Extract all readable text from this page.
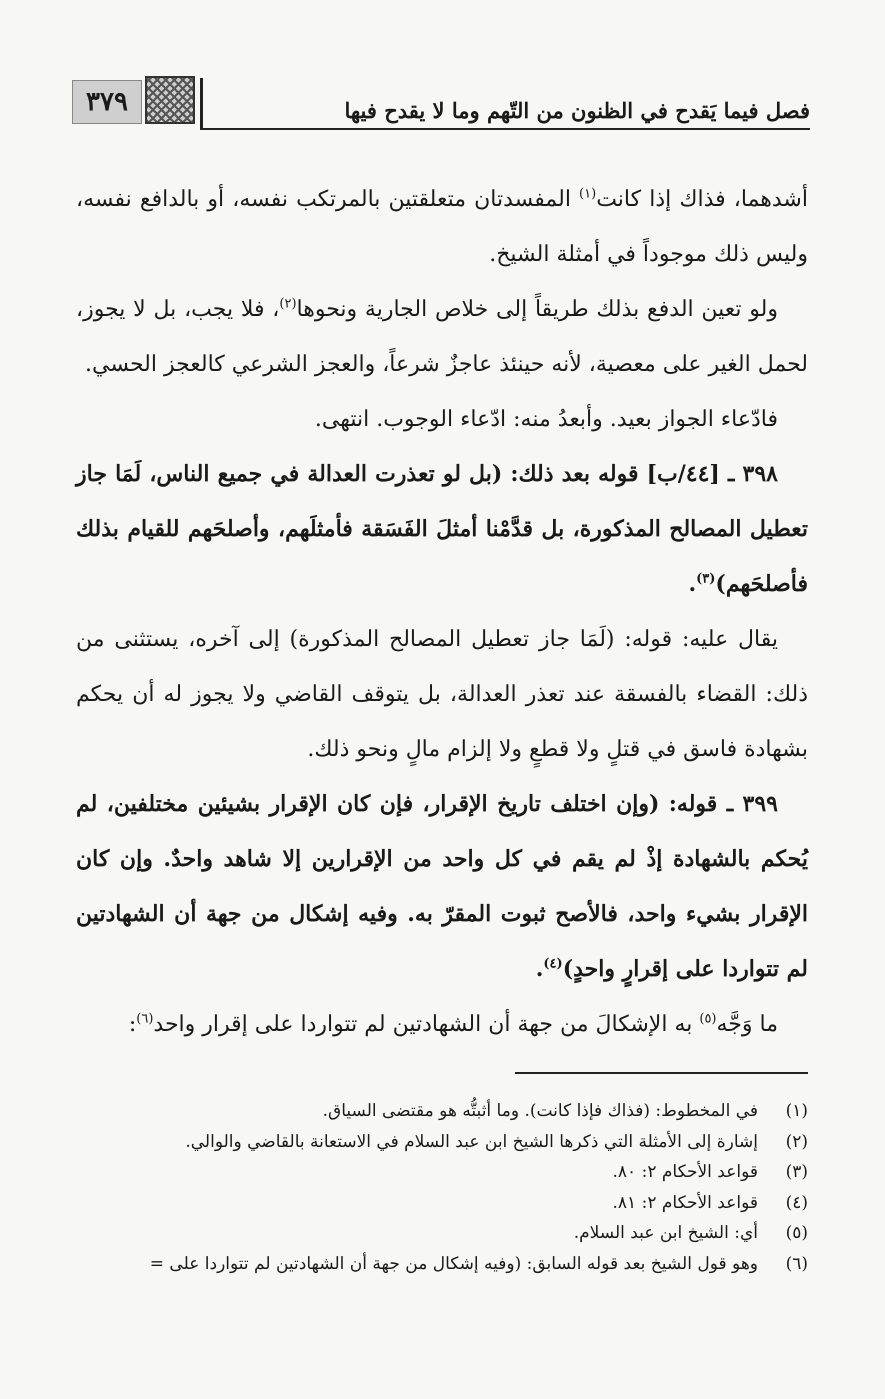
فصل فيما يَقدح في الظنون من التّهم وما لا يقدح فيها
٣٧٩

أشدهما، فذاك إذا كانت$^{(١)}$ المفسدتان متعلقتين بالمرتكب نفسه، أو بالدافع نفسه، وليس ذلك موجوداً في أمثلة الشيخ.

ولو تعين الدفع بذلك طريقاً إلى خلاص الجارية ونحوها$^{(٢)}$، فلا يجب، بل لا يجوز، لحمل الغير على معصية، لأنه حينئذ عاجزٌ شرعاً، والعجز الشرعي كالعجز الحسي.

فادّعاء الجواز بعيد. وأبعدُ منه: ادّعاء الوجوب. انتهى.

٣٩٨ ـ [٤٤/ب] قوله بعد ذلك: (بل لو تعذرت العدالة في جميع الناس، لَمَا جاز تعطيل المصالح المذكورة، بل قدَّمْنا أمثلَ الفَسَقة فأمثلَهم، وأصلحَهم للقيام بذلك فأصلحَهم)$^{(٣)}$.

يقال عليه: قوله: (لَمَا جاز تعطيل المصالح المذكورة) إلى آخره، يستثنى من ذلك: القضاء بالفسقة عند تعذر العدالة، بل يتوقف القاضي ولا يجوز له أن يحكم بشهادة فاسق في قتلٍ ولا قطعٍ ولا إلزام مالٍ ونحو ذلك.

٣٩٩ ـ قوله: (وإن اختلف تاريخ الإقرار، فإن كان الإقرار بشيئين مختلفين، لم يُحكم بالشهادة إذْ لم يقم في كل واحد من الإقرارين إلا شاهد واحدٌ. وإن كان الإقرار بشيء واحد، فالأصح ثبوت المقرّ به. وفيه إشكال من جهة أن الشهادتين لم تتواردا على إقرارٍ واحدٍ)$^{(٤)}$.

ما وَجَّه$^{(٥)}$ به الإشكالَ من جهة أن الشهادتين لم تتواردا على إقرار واحد$^{(٦)}$:

(١)في المخطوط: (فذاك فإذا كانت). وما أثبتُّه هو مقتضى السياق.
(٢)إشارة إلى الأمثلة التي ذكرها الشيخ ابن عبد السلام في الاستعانة بالقاضي والوالي.
(٣)قواعد الأحكام ٢: ٨٠.
(٤)قواعد الأحكام ٢: ٨١.
(٥)أي: الشيخ ابن عبد السلام.
(٦)وهو قول الشيخ بعد قوله السابق: (وفيه إشكال من جهة أن الشهادتين لم تتواردا على =
